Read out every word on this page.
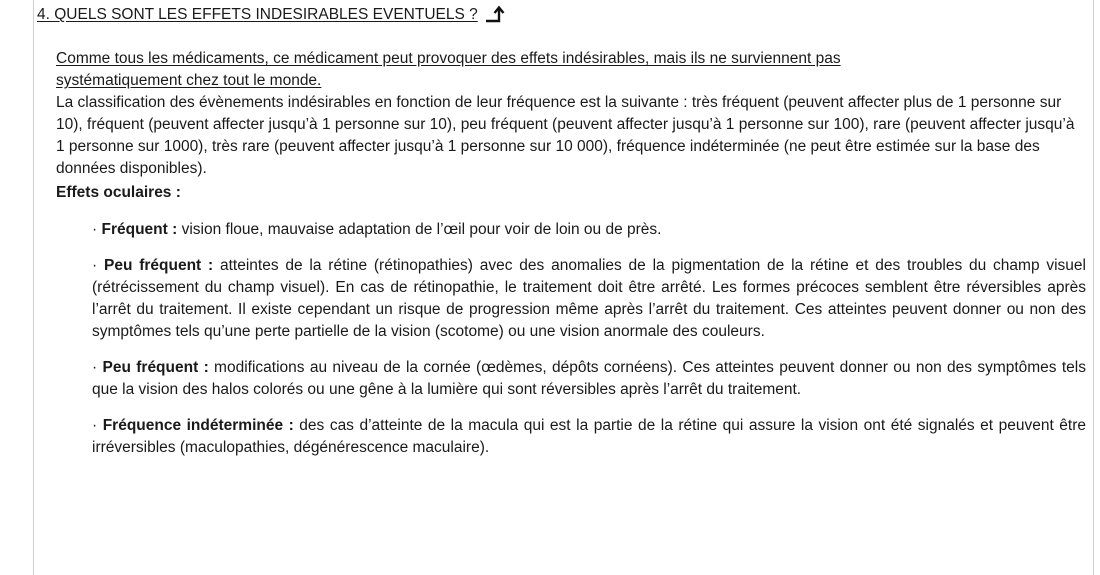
4. QUELS SONT LES EFFETS INDESIRABLES EVENTUELS ?

Comme tous les médicaments, ce médicament peut provoquer des effets indésirables, mais ils ne surviennent pas systématiquement chez tout le monde.

La classification des évènements indésirables en fonction de leur fréquence est la suivante : très fréquent (peuvent affecter plus de 1 personne sur 10), fréquent (peuvent affecter jusqu’à 1 personne sur 10), peu fréquent (peuvent affecter jusqu’à 1 personne sur 100), rare (peuvent affecter jusqu’à 1 personne sur 1000), très rare (peuvent affecter jusqu’à 1 personne sur 10 000), fréquence indéterminée (ne peut être estimée sur la base des données disponibles).

Effets oculaires :

· Fréquent : vision floue, mauvaise adaptation de l’œil pour voir de loin ou de près.

· Peu fréquent : atteintes de la rétine (rétinopathies) avec des anomalies de la pigmentation de la rétine et des troubles du champ visuel (rétrécissement du champ visuel). En cas de rétinopathie, le traitement doit être arrêté. Les formes précoces semblent être réversibles après l’arrêt du traitement. Il existe cependant un risque de progression même après l’arrêt du traitement. Ces atteintes peuvent donner ou non des symptômes tels qu’une perte partielle de la vision (scotome) ou une vision anormale des couleurs.

· Peu fréquent : modifications au niveau de la cornée (œdèmes, dépôts cornéens). Ces atteintes peuvent donner ou non des symptômes tels que la vision des halos colorés ou une gêne à la lumière qui sont réversibles après l’arrêt du traitement.

· Fréquence indéterminée : des cas d’atteinte de la macula qui est la partie de la rétine qui assure la vision ont été signalés et peuvent être irréversibles (maculopathies, dégénérescence maculaire).
